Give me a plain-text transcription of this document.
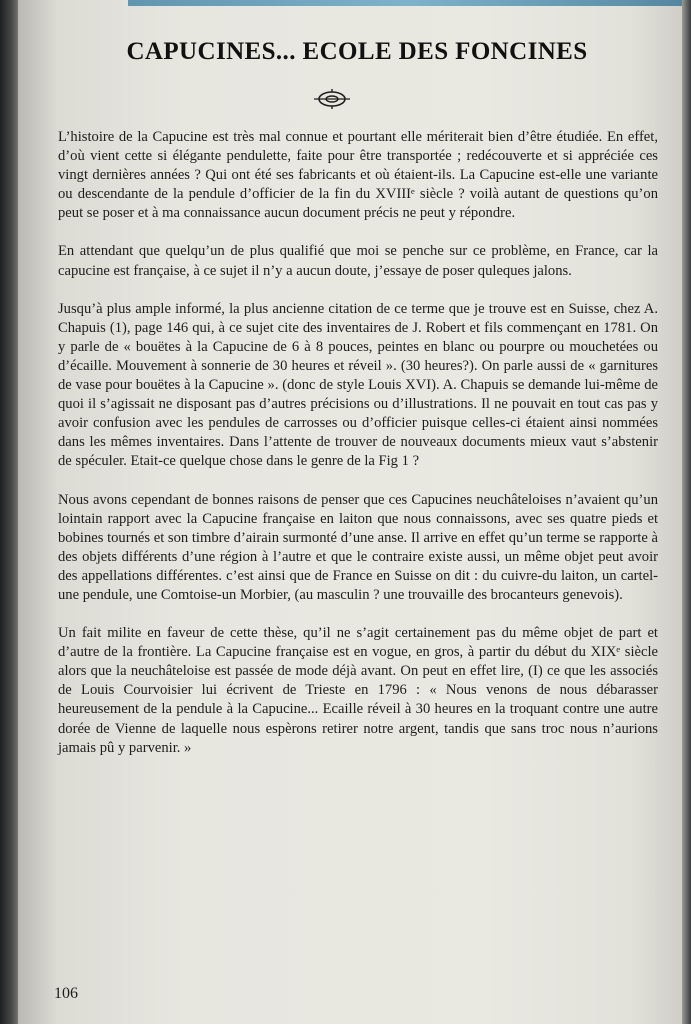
CAPUCINES... ECOLE DES FONCINES

L’histoire de la Capucine est très mal connue et pourtant elle mériterait bien d’être étudiée. En effet, d’où vient cette si élégante pendulette, faite pour être transportée ; redécouverte et si appréciée ces vingt dernières années ? Qui ont été ses fabricants et où étaient-ils. La Capucine est-elle une variante ou descendante de la pendule d’officier de la fin du XVIIIᵉ siècle ? voilà autant de questions qu’on peut se poser et à ma connaissance aucun document précis ne peut y répondre.

En attendant que quelqu’un de plus qualifié que moi se penche sur ce problème, en France, car la capucine est française, à ce sujet il n’y a aucun doute, j’essaye de poser quleques jalons.

Jusqu’à plus ample informé, la plus ancienne citation de ce terme que je trouve est en Suisse, chez A. Chapuis (1), page 146 qui, à ce sujet cite des inventaires de J. Robert et fils commençant en 1781. On y parle de « bouëtes à la Capucine de 6 à 8 pouces, peintes en blanc ou pourpre ou mouchetées ou d’écaille. Mouvement à sonnerie de 30 heures et réveil ». (30 heures?). On parle aussi de « garnitures de vase pour bouëtes à la Capucine ». (donc de style Louis XVI). A. Chapuis se demande lui-même de quoi il s’agissait ne disposant pas d’autres précisions ou d’illustrations. Il ne pouvait en tout cas pas y avoir confusion avec les pendules de carrosses ou d’officier puisque celles-ci étaient ainsi nommées dans les mêmes inventaires. Dans l’attente de trouver de nouveaux documents mieux vaut s’abstenir de spéculer. Etait-ce quelque chose dans le genre de la Fig 1 ?

Nous avons cependant de bonnes raisons de penser que ces Capucines neuchâteloises n’avaient qu’un lointain rapport avec la Capucine française en laiton que nous connaissons, avec ses quatre pieds et bobines tournés et son timbre d’airain surmonté d’une anse. Il arrive en effet qu’un terme se rapporte à des objets différents d’une région à l’autre et que le contraire existe aussi, un même objet peut avoir des appellations différentes. c’est ainsi que de France en Suisse on dit : du cuivre-du laiton, un cartel-une pendule, une Comtoise-un Morbier, (au masculin ? une trouvaille des brocanteurs genevois).

Un fait milite en faveur de cette thèse, qu’il ne s’agit certainement pas du même objet de part et d’autre de la frontière. La Capucine française est en vogue, en gros, à partir du début du XIXᵉ siècle alors que la neuchâteloise est passée de mode déjà avant. On peut en effet lire, (I) ce que les associés de Louis Courvoisier lui écrivent de Trieste en 1796 : « Nous venons de nous débarasser heureusement de la pendule à la Capucine... Ecaille réveil à 30 heures en la troquant contre une autre dorée de Vienne de laquelle nous espèrons retirer notre argent, tandis que sans troc nous n’aurions jamais pû y parvenir. »

106
